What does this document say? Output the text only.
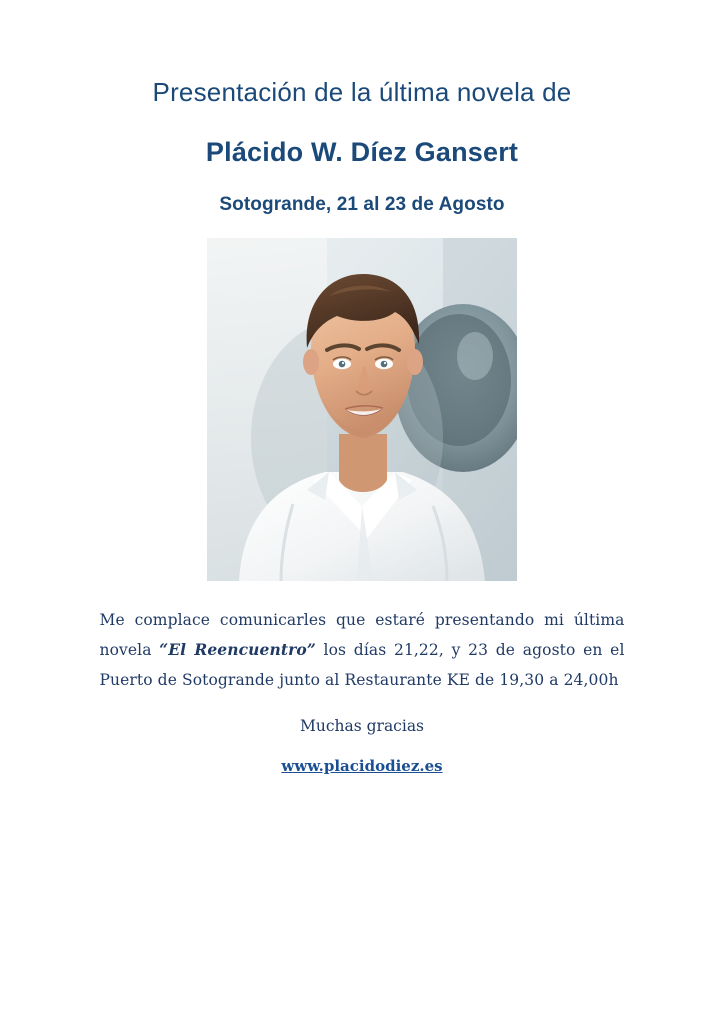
Presentación de la última novela de
Plácido W. Díez Gansert
Sotogrande, 21 al 23 de Agosto

Me complace comunicarles que estaré presentando mi última novela “El Reencuentro” los días 21,22, y 23 de agosto en el Puerto de Sotogrande junto al Restaurante KE de 19,30 a 24,00h

Muchas gracias
www.placidodiez.es
